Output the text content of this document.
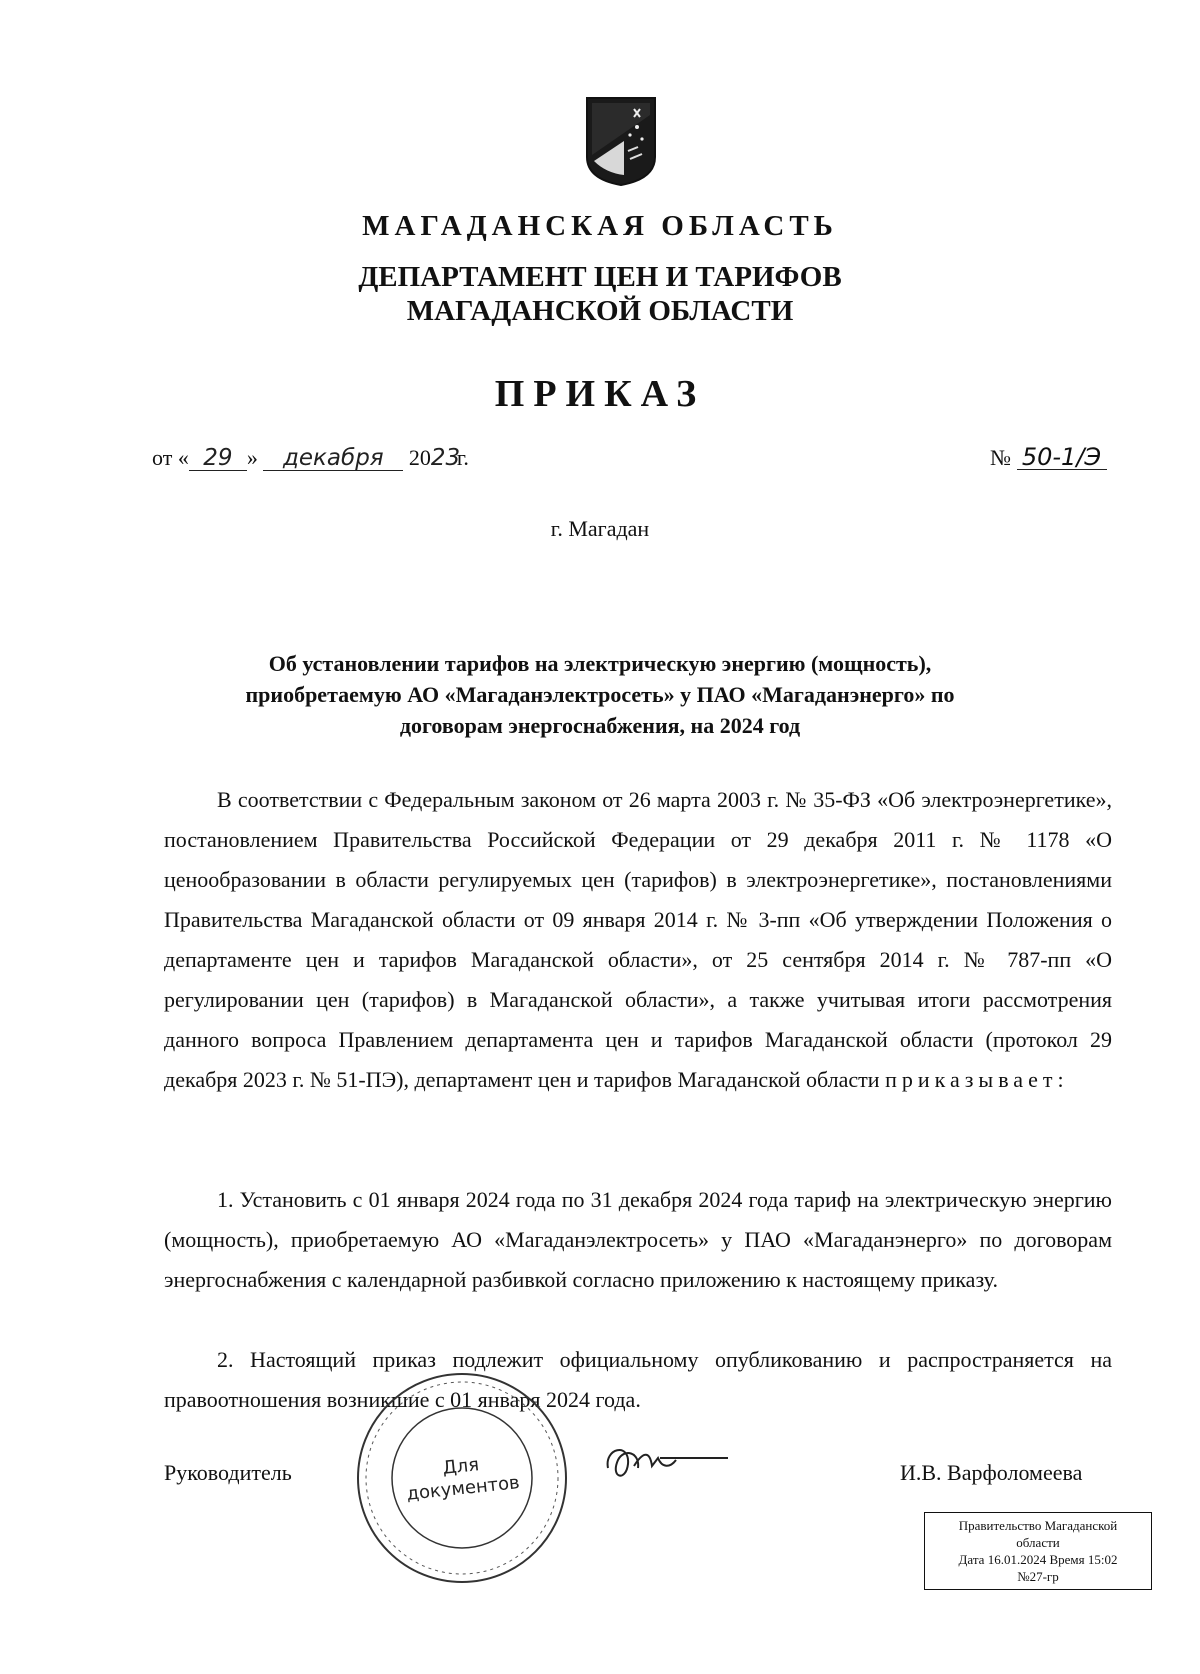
МАГАДАНСКАЯ ОБЛАСТЬ
ДЕПАРТАМЕНТ ЦЕН И ТАРИФОВ
МАГАДАНСКОЙ ОБЛАСТИ
ПРИКАЗ
от « 29 » декабря 2023г.	№ 50-1/Э
г. Магадан
Об установлении тарифов на электрическую энергию (мощность),
приобретаемую АО «Магаданэлектросеть» у ПАО «Магаданэнерго» по
договорам энергоснабжения, на 2024 год

В соответствии с Федеральным законом от 26 марта 2003 г. № 35-ФЗ «Об электроэнергетике», постановлением Правительства Российской Федерации от 29 декабря 2011 г. № 1178 «О ценообразовании в области регулируемых цен (тарифов) в электроэнергетике», постановлениями Правительства Магаданской области от 09 января 2014 г. № 3-пп «Об утверждении Положения о департаменте цен и тарифов Магаданской области», от 25 сентября 2014 г. № 787-пп «О регулировании цен (тарифов) в Магаданской области», а также учитывая итоги рассмотрения данного вопроса Правлением департамента цен и тарифов Магаданской области (протокол 29 декабря 2023 г. № 51-ПЭ), департамент цен и тарифов Магаданской области приказывает:

1. Установить с 01 января 2024 года по 31 декабря 2024 года тариф на электрическую энергию (мощность), приобретаемую АО «Магаданэлектросеть» у ПАО «Магаданэнерго» по договорам энергоснабжения с календарной разбивкой согласно приложению к настоящему приказу.

2. Настоящий приказ подлежит официальному опубликованию и распространяется на правоотношения возникшие с 01 января 2024 года.

Для
документов
Руководитель	И.В. Варфоломеева
Правительство Магаданской
области
Дата 16.01.2024 Время 15:02
№27-гр
